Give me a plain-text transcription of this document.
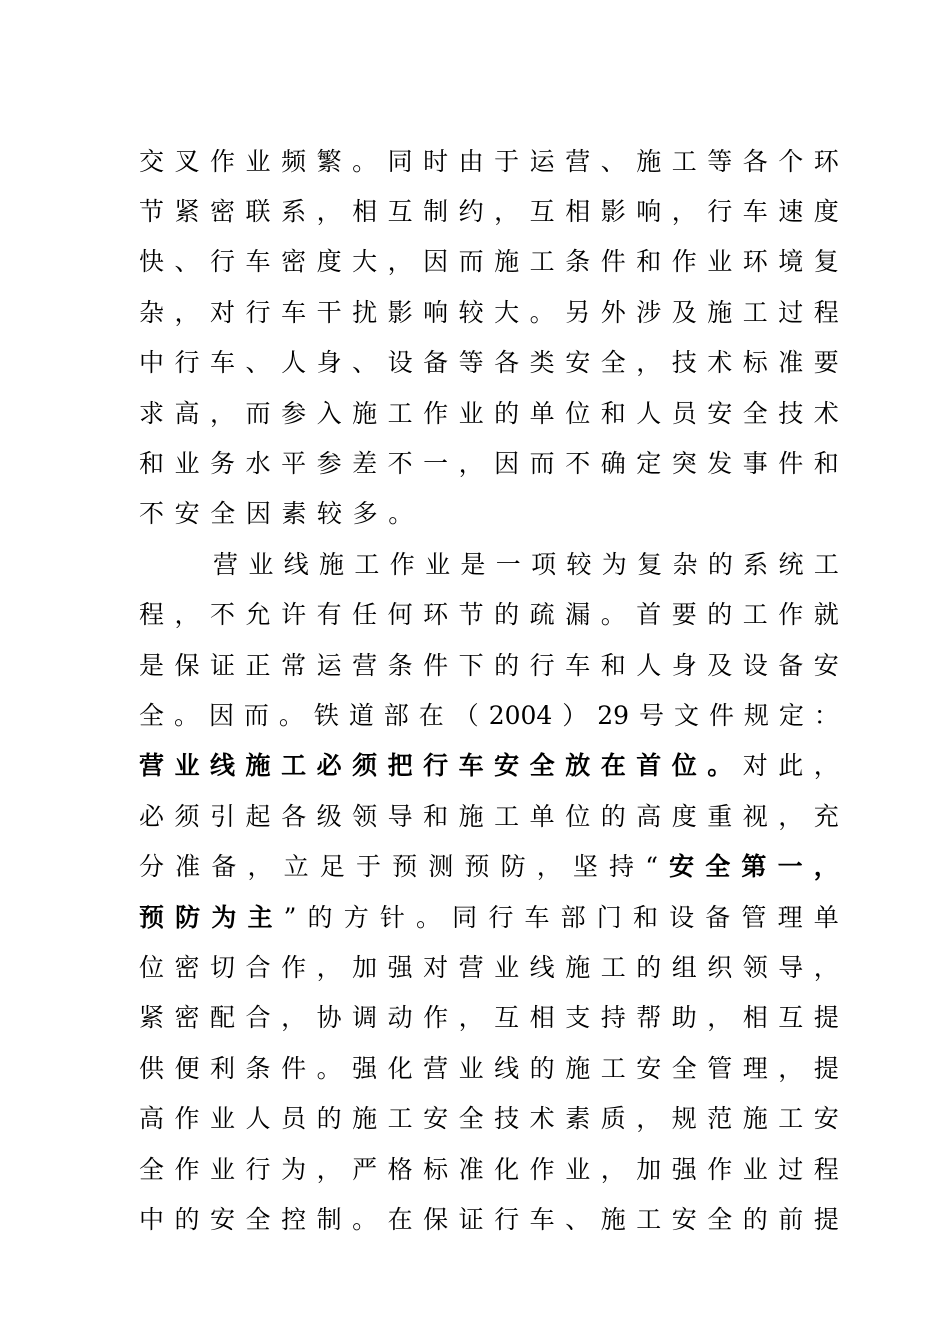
交 叉 作 业 频 繁 。 同 时 由 于 运 营 、 施 工 等 各 个 环
节 紧 密 联 系 ， 相 互 制 约 ， 互 相 影 响 ， 行 车 速 度
快 、 行 车 密 度 大 ， 因 而 施 工 条 件 和 作 业 环 境 复
杂 ， 对 行 车 干 扰 影 响 较 大 。 另 外 涉 及 施 工 过 程
中 行 车 、 人 身 、 设 备 等 各 类 安 全 ， 技 术 标 准 要
求 高 ， 而 参 入 施 工 作 业 的 单 位 和 人 员 安 全 技 术
和 业 务 水 平 参 差 不 一 ， 因 而 不 确 定 突 发 事 件 和
不 安 全 因 素 较 多 。
营 业 线 施 工 作 业 是 一 项 较 为 复 杂 的 系 统 工
程 ， 不 允 许 有 任 何 环 节 的 疏 漏 。 首 要 的 工 作 就
是 保 证 正 常 运 营 条 件 下 的 行 车 和 人 身 及 设 备 安
全 。 因 而 。 铁 道 部 在 （ 2004 ） 29 号 文 件 规 定 ：
营 业 线 施 工 必 须 把 行 车 安 全 放 在 首 位 。 对 此 ，
必 须 引 起 各 级 领 导 和 施 工 单 位 的 高 度 重 视 ， 充
分 准 备 ， 立 足 于 预 测 预 防 ， 坚 持 “ 安 全 第 一 ，
预 防 为 主 ” 的 方 针 。 同 行 车 部 门 和 设 备 管 理 单
位 密 切 合 作 ， 加 强 对 营 业 线 施 工 的 组 织 领 导 ，
紧 密 配 合 ， 协 调 动 作 ， 互 相 支 持 帮 助 ， 相 互 提
供 便 利 条 件 。 强 化 营 业 线 的 施 工 安 全 管 理 ， 提
高 作 业 人 员 的 施 工 安 全 技 术 素 质 ， 规 范 施 工 安
全 作 业 行 为 ， 严 格 标 准 化 作 业 ， 加 强 作 业 过 程
中 的 安 全 控 制 。 在 保 证 行 车 、 施 工 安 全 的 前 提
